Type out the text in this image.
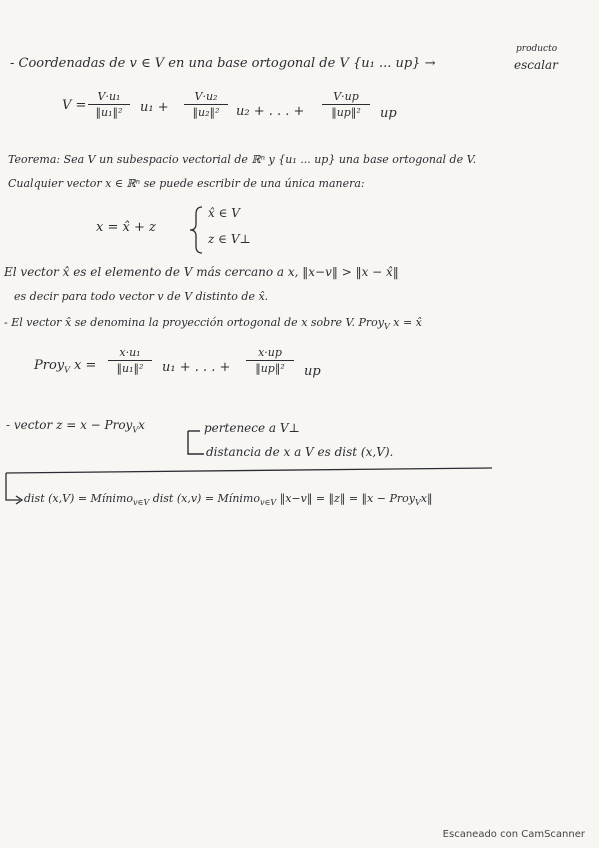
- Coordenadas de v ∈ V en una base ortogonal de V {u₁ ... up} →
producto
escalar
V =
V·u₁
‖u₁‖²	u₁ +
V·u₂
‖u₂‖²	u₂ + . . . +
V·up
‖up‖²	up
Teorema: Sea V un subespacio vectorial de ℝⁿ y {u₁ ... up} una base ortogonal de V.
Cualquier vector x ∈ ℝⁿ se puede escribir de una única manera:
x = x̂ + z
x̂ ∈ V
z ∈ V⊥
El vector x̂ es el elemento de V más cercano a x, ‖x−v‖ > ‖x − x̂‖
es decir para todo vector v de V distinto de x̂.
- El vector x̂ se denomina la proyección ortogonal de x sobre V. Proy$_V$ x = x̂
Proy$_V$ x =
x·u₁
‖u₁‖²	u₁ + . . . +
x·up
‖up‖²	up
- vector z = x − Proy$_V$x	pertenece a V⊥
distancia de x a V es dist (x,V).
dist (x,V) = Mínimo$_{v\in V}$ dist (x,v) = Mínimo$_{v\in V}$ ‖x−v‖ = ‖z‖ = ‖x − Proy$_V$x‖
Escaneado con CamScanner
